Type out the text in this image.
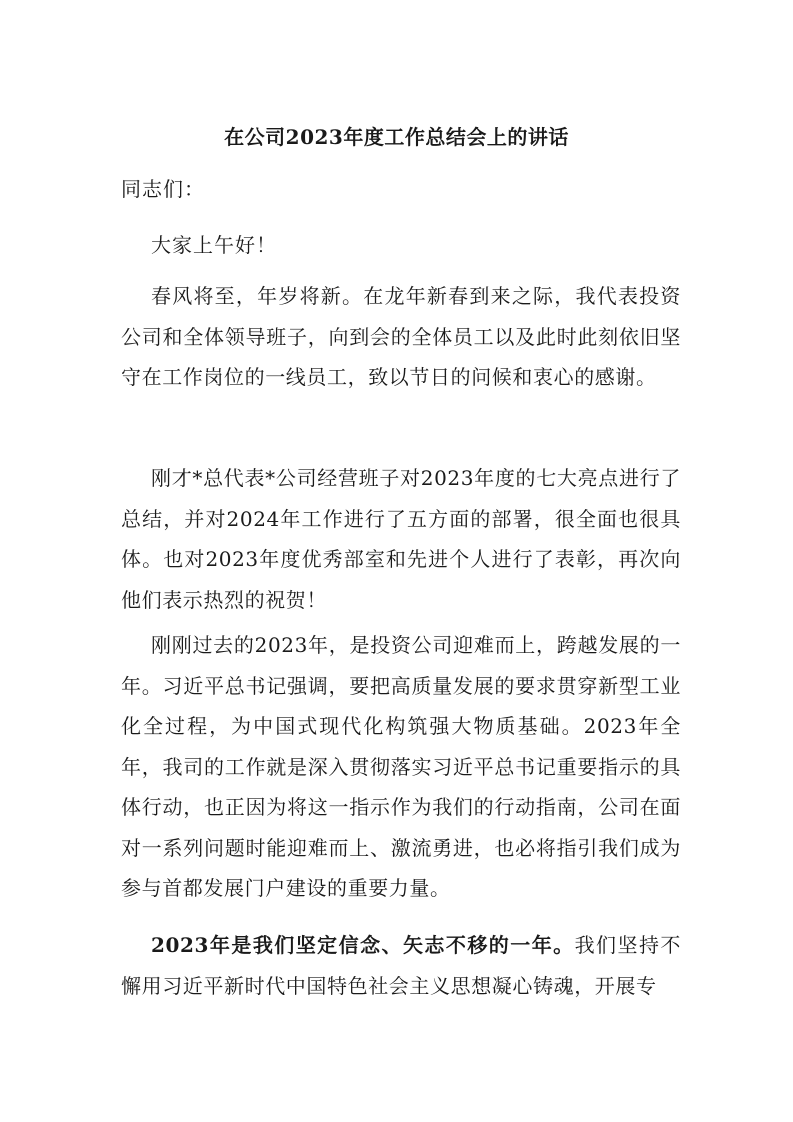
在公司2023年度工作总结会上的讲话
同志们：
大家上午好！

春风将至，年岁将新。在龙年新春到来之际，我代表投资公司和全体领导班子，向到会的全体员工以及此时此刻依旧坚守在工作岗位的一线员工，致以节日的问候和衷心的感谢。

刚才*总代表*公司经营班子对2023年度的七大亮点进行了总结，并对2024年工作进行了五方面的部署，很全面也很具体。也对2023年度优秀部室和先进个人进行了表彰，再次向他们表示热烈的祝贺！

刚刚过去的2023年，是投资公司迎难而上，跨越发展的一年。习近平总书记强调，要把高质量发展的要求贯穿新型工业化全过程，为中国式现代化构筑强大物质基础。2023年全年，我司的工作就是深入贯彻落实习近平总书记重要指示的具体行动，也正因为将这一指示作为我们的行动指南，公司在面对一系列问题时能迎难而上、激流勇进，也必将指引我们成为参与首都发展门户建设的重要力量。

2023年是我们坚定信念、矢志不移的一年。我们坚持不懈用习近平新时代中国特色社会主义思想凝心铸魂，开展专
